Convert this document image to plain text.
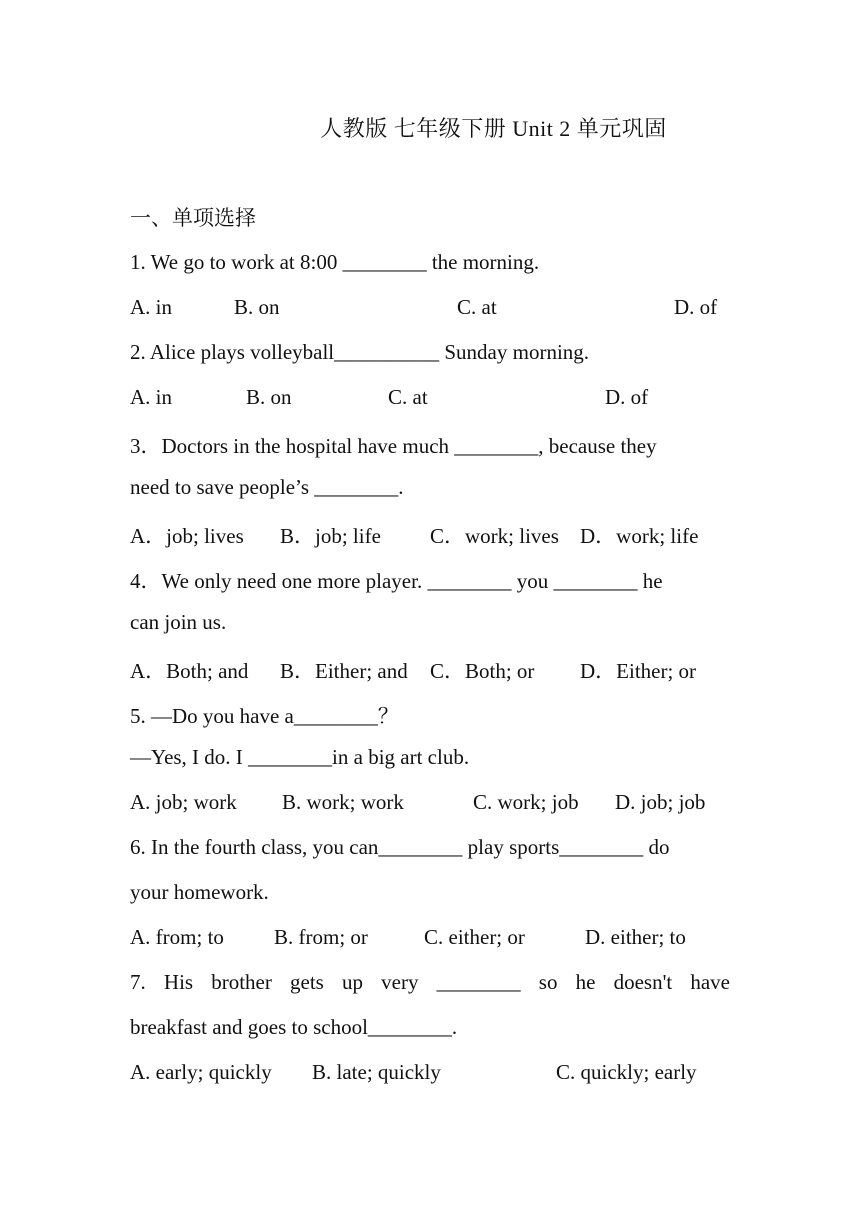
人教版 七年级下册 Unit 2 单元巩固
一、单项选择
1. We go to work at 8:00 ________ the morning.
A. in	B. on	C. at	D. of
2. Alice plays volleyball__________ Sunday morning.
A. in	B. on	C. at	D. of
3．Doctors in the hospital have much ________, because they
need to save people’s ________.
A．job; lives B．job; life C．work; lives D．work; life
4．We only need one more player. ________ you ________ he
can join us.
A．Both; and B．Either; and C．Both; or D．Either; or
5. —Do you have a________？
—Yes, I do. I ________in a big art club.
A. job; work B. work; work	C. work; job D. job; job
6. In the fourth class, you can________ play sports________ do
your homework.
A. from; to B. from; or	C. either; or	D. either; to
7. His brother gets up very ________ so he doesn't have
breakfast and goes to school________.
A. early; quickly B. late; quickly	C. quickly; early
